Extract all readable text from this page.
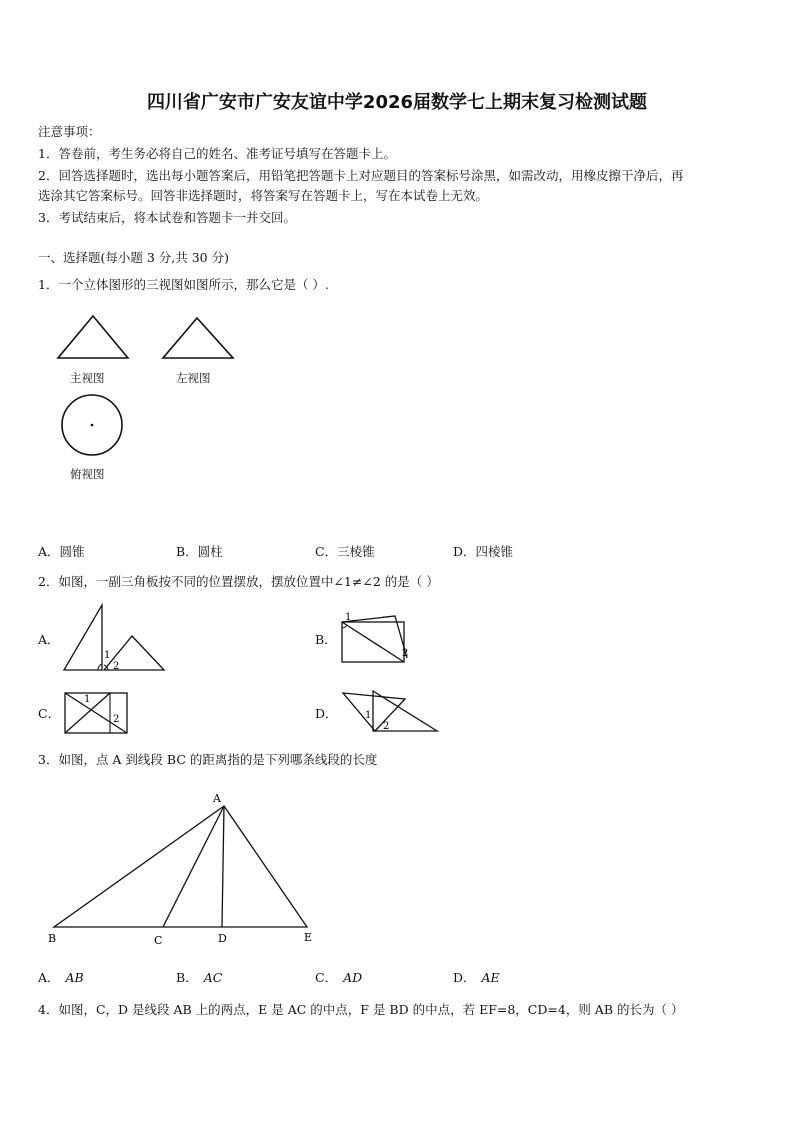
四川省广安市广安友谊中学2026届数学七上期末复习检测试题
注意事项：
1．答卷前，考生务必将自己的姓名、准考证号填写在答题卡上。
2．回答选择题时，选出每小题答案后，用铅笔把答题卡上对应题目的答案标号涂黑，如需改动，用橡皮擦干净后，再
选涂其它答案标号。回答非选择题时，将答案写在答题卡上，写在本试卷上无效。
3．考试结束后，将本试卷和答题卡一并交回。
一、选择题(每小题 3 分,共 30 分)
1．一个立体图形的三视图如图所示，那么它是（ ）.
主视图	左视图
俯视图
A．圆锥	B．圆柱	C．三棱锥	D．四棱锥
2．如图，一副三角板按不同的位置摆放，摆放位置中∠1≠∠2 的是（ ）
A．
1
2
B．
1
2
C．
1
2	D．	1
2
3．如图，点 A 到线段 BC 的距离指的是下列哪条线段的长度
A
B	C	D	E
A． AB	B． AC	C． AD	D． AE
4．如图，C，D 是线段 AB 上的两点，E 是 AC 的中点，F 是 BD 的中点，若 EF=8，CD=4，则 AB 的长为（ ）
